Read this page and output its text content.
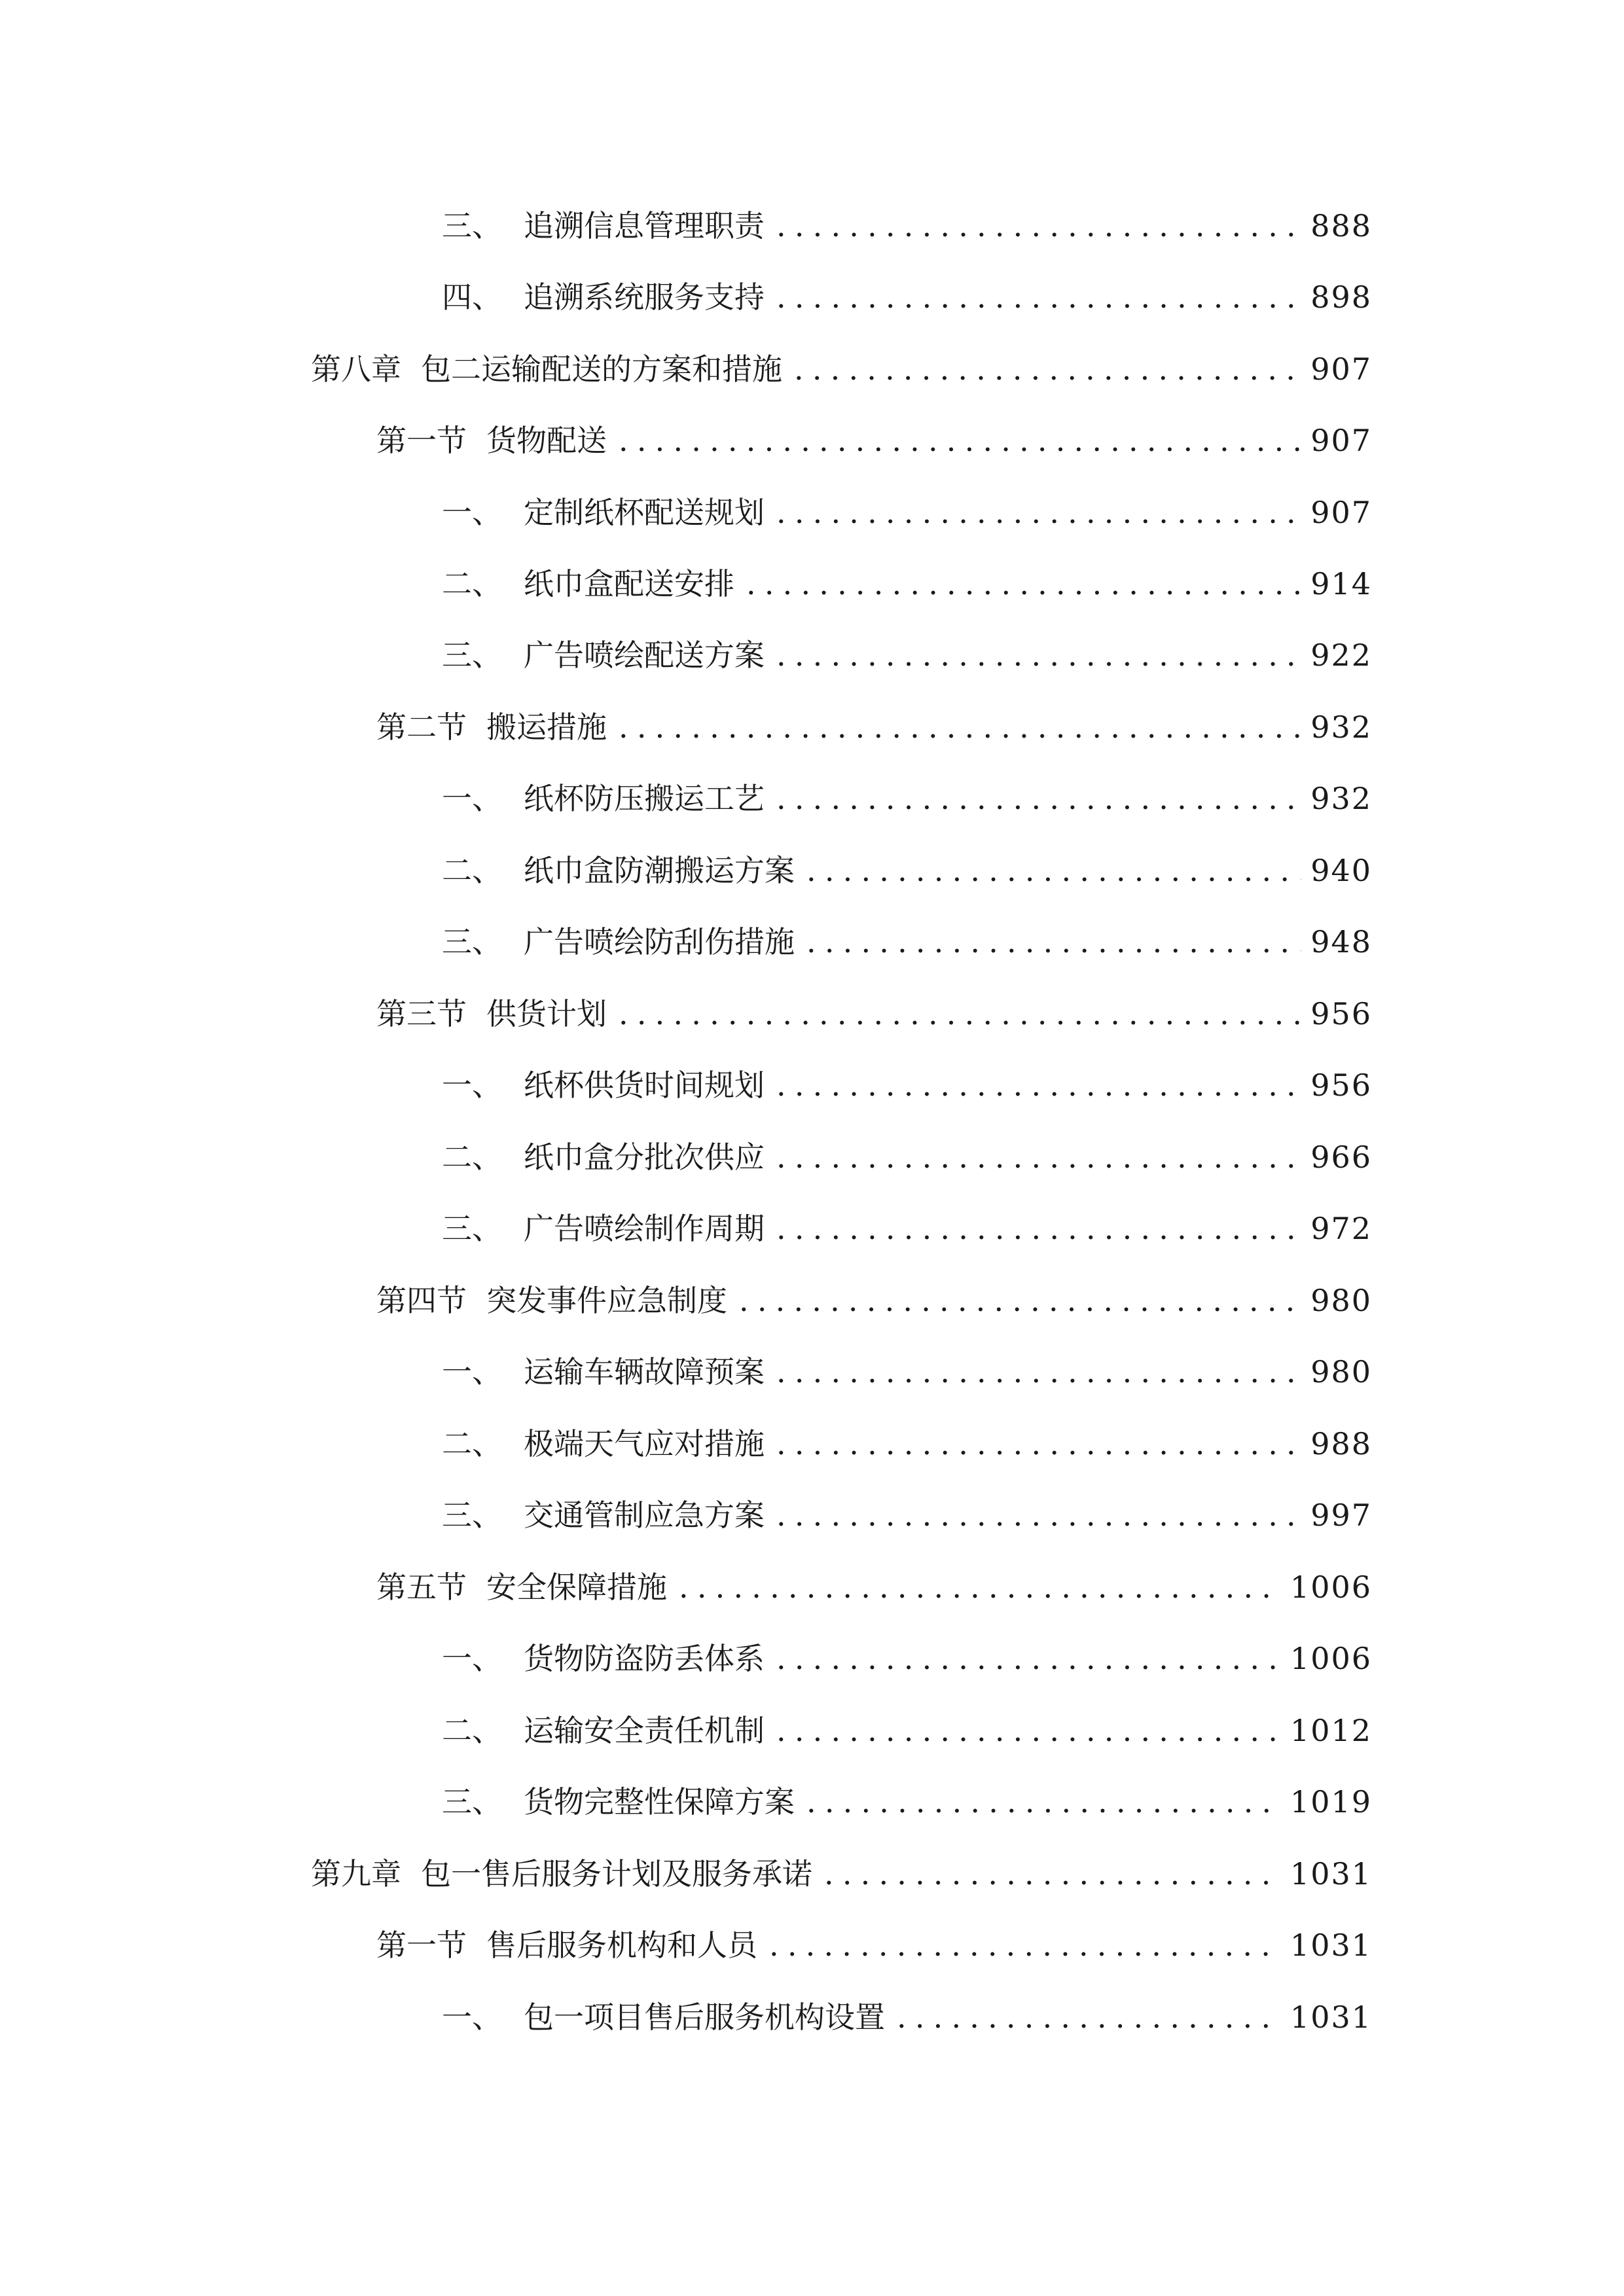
三、 追溯信息管理职责 .....	888
四、 追溯系统服务支持 .....	898
第八章 包二运输配送的方案和措施 .....	907
第一节 货物配送 .....	907
一、 定制纸杯配送规划 .....	907
二、 纸巾盒配送安排 .....	914
三、 广告喷绘配送方案 .....	922
第二节 搬运措施 .....	932
一、 纸杯防压搬运工艺 .....	932
二、 纸巾盒防潮搬运方案 .....	940
三、 广告喷绘防刮伤措施 .....	948
第三节 供货计划 .....	956
一、 纸杯供货时间规划 .....	956
二、 纸巾盒分批次供应 .....	966
三、 广告喷绘制作周期 .....	972
第四节 突发事件应急制度 .....	980
一、 运输车辆故障预案 .....	980
二、 极端天气应对措施 .....	988
三、 交通管制应急方案 .....	997
第五节 安全保障措施 .....	1006
一、 货物防盗防丢体系 .....	1006
二、 运输安全责任机制 .....	1012
三、 货物完整性保障方案 .....	1019
第九章 包一售后服务计划及服务承诺 .....	1031
第一节 售后服务机构和人员 .....	1031
一、 包一项目售后服务机构设置 .....	1031
